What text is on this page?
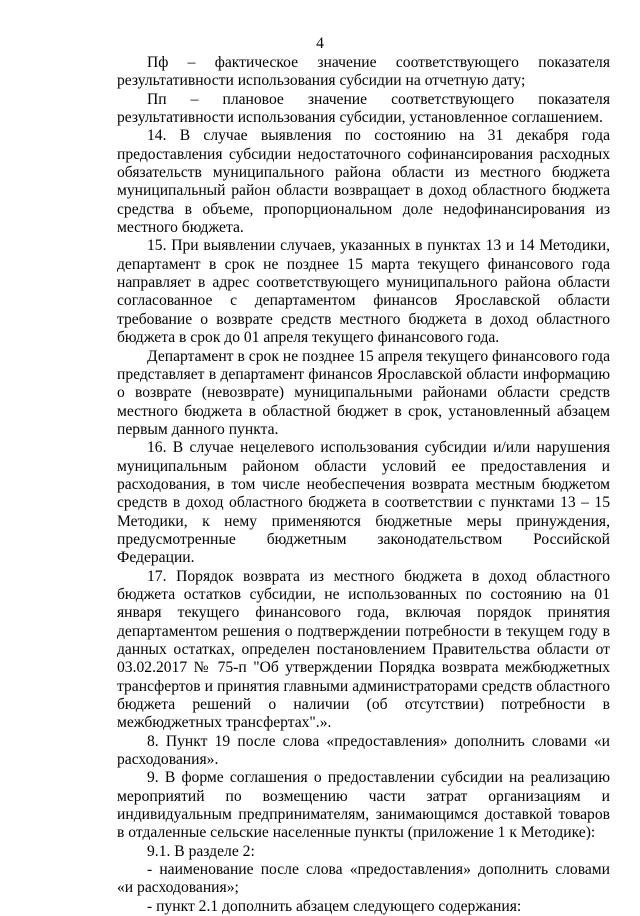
4

Пф – фактическое значение соответствующего показателя результативности использования субсидии на отчетную дату;

Пп – плановое значение соответствующего показателя результативности использования субсидии, установленное соглашением.

14. В случае выявления по состоянию на 31 декабря года предоставления субсидии недостаточного софинансирования расходных обязательств муниципального района области из местного бюджета муниципальный район области возвращает в доход областного бюджета средства в объеме, пропорциональном доле недофинансирования из местного бюджета.

15. При выявлении случаев, указанных в пунктах 13 и 14 Методики, департамент в срок не позднее 15 марта текущего финансового года направляет в адрес соответствующего муниципального района области согласованное с департаментом финансов Ярославской области требование о возврате средств местного бюджета в доход областного бюджета в срок до 01 апреля текущего финансового года.

Департамент в срок не позднее 15 апреля текущего финансового года представляет в департамент финансов Ярославской области информацию о возврате (невозврате) муниципальными районами области средств местного бюджета в областной бюджет в срок, установленный абзацем первым данного пункта.

16. В случае нецелевого использования субсидии и/или нарушения муниципальным районом области условий ее предоставления и расходования, в том числе необеспечения возврата местным бюджетом средств в доход областного бюджета в соответствии с пунктами 13 – 15 Методики, к нему применяются бюджетные меры принуждения, предусмотренные бюджетным законодательством Российской Федерации.

17. Порядок возврата из местного бюджета в доход областного бюджета остатков субсидии, не использованных по состоянию на 01 января текущего финансового года, включая порядок принятия департаментом решения о подтверждении потребности в текущем году в данных остатках, определен постановлением Правительства области от 03.02.2017 № 75-п "Об утверждении Порядка возврата межбюджетных трансфертов и принятия главными администраторами средств областного бюджета решений о наличии (об отсутствии) потребности в межбюджетных трансфертах".».

8. Пункт 19 после слова «предоставления» дополнить словами «и расходования».

9. В форме соглашения о предоставлении субсидии на реализацию мероприятий по возмещению части затрат организациям и индивидуальным предпринимателям, занимающимся доставкой товаров в отдаленные сельские населенные пункты (приложение 1 к Методике):

9.1. В разделе 2:

- наименование после слова «предоставления» дополнить словами «и расходования»;

- пункт 2.1 дополнить абзацем следующего содержания:
